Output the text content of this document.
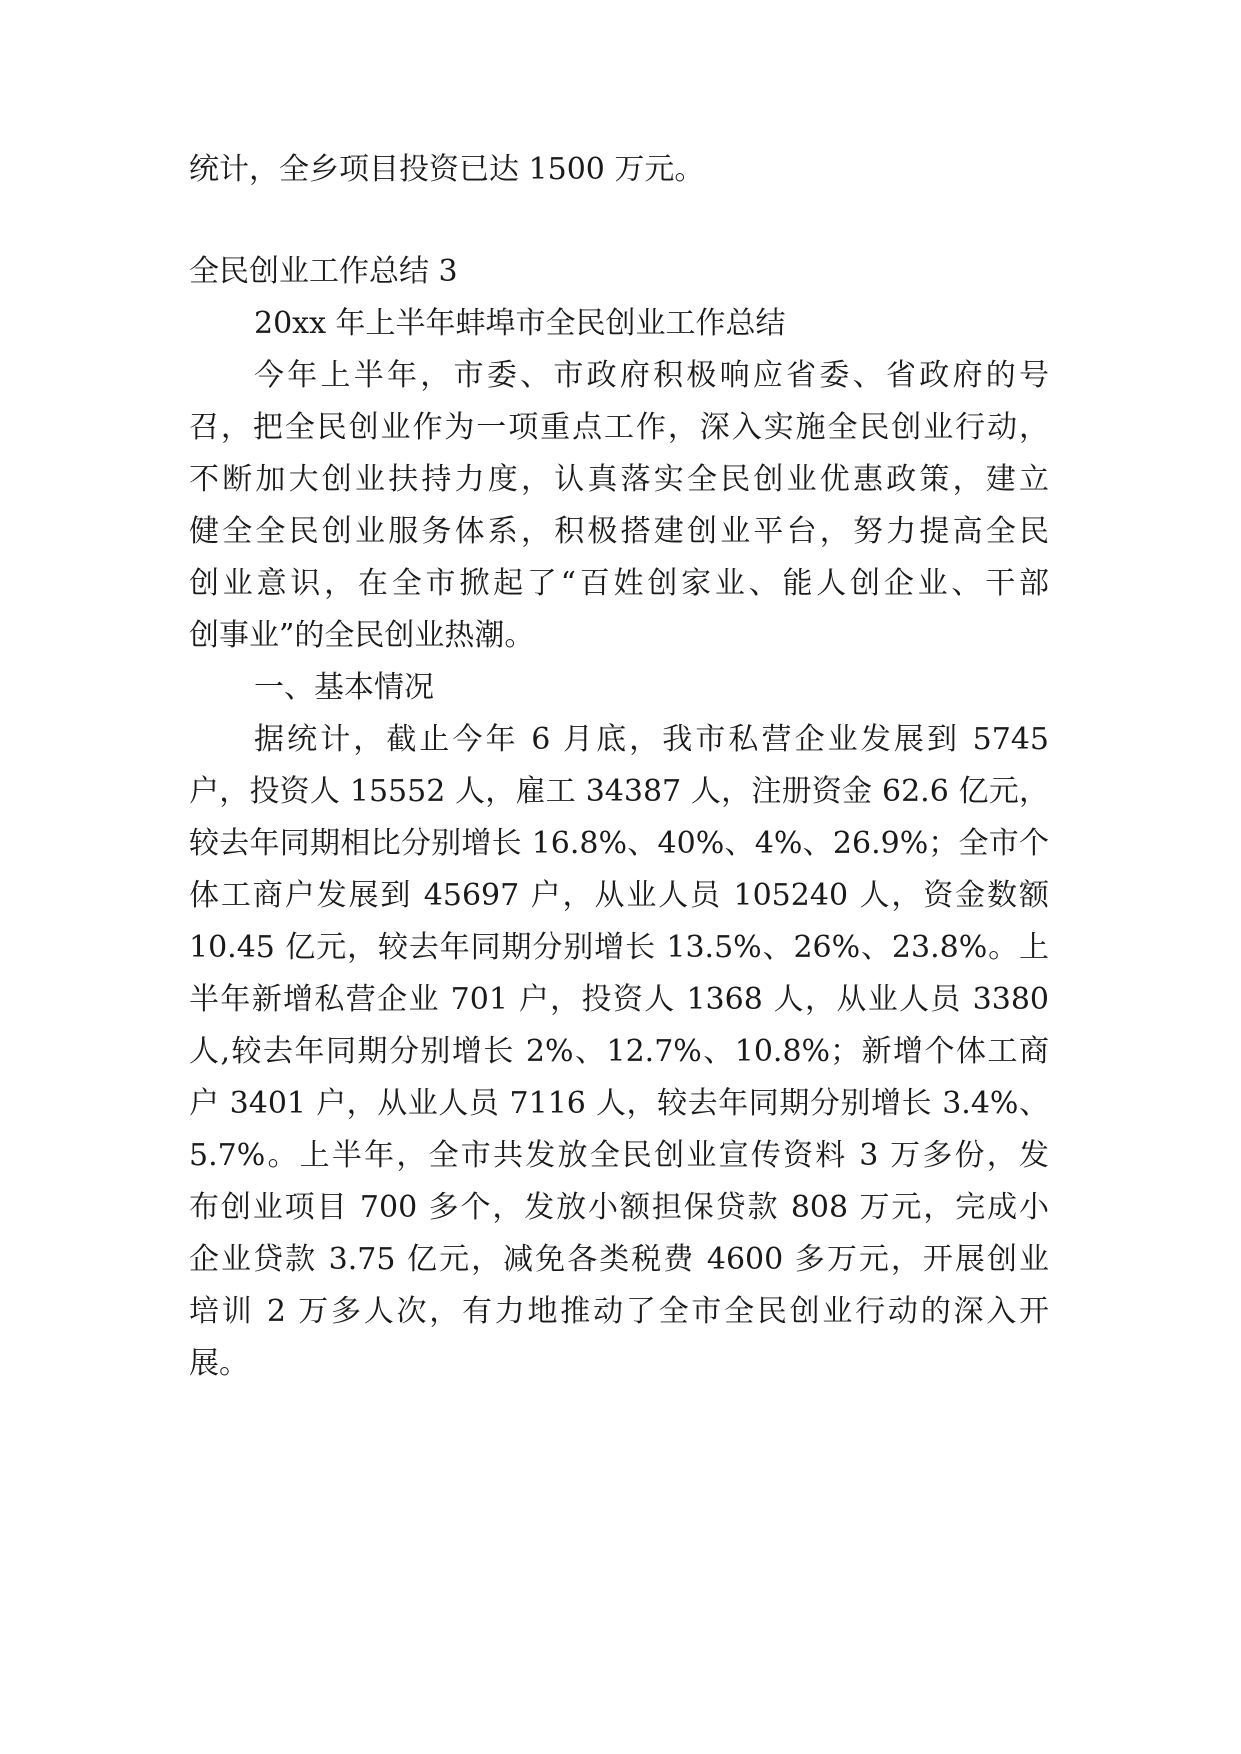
统计，全乡项目投资已达 1500 万元。
全民创业工作总结 3
20xx 年上半年蚌埠市全民创业工作总结
今年上半年，市委、市政府积极响应省委、省政府的号
召，把全民创业作为一项重点工作，深入实施全民创业行动，
不断加大创业扶持力度，认真落实全民创业优惠政策，建立
健全全民创业服务体系，积极搭建创业平台，努力提高全民
创业意识，在全市掀起了“百姓创家业、能人创企业、干部
创事业”的全民创业热潮。
一、基本情况
据统计，截止今年 6 月底，我市私营企业发展到 5745
户，投资人 15552 人，雇工 34387 人，注册资金 62.6 亿元，
较去年同期相比分别增长 16.8%、40%、4%、26.9%；全市个
体工商户发展到 45697 户，从业人员 105240 人，资金数额
10.45 亿元，较去年同期分别增长 13.5%、26%、23.8%。上
半年新增私营企业 701 户，投资人 1368 人，从业人员 3380
人,较去年同期分别增长 2%、12.7%、10.8%；新增个体工商
户 3401 户，从业人员 7116 人，较去年同期分别增长 3.4%、
5.7%。上半年，全市共发放全民创业宣传资料 3 万多份，发
布创业项目 700 多个，发放小额担保贷款 808 万元，完成小
企业贷款 3.75 亿元，减免各类税费 4600 多万元，开展创业
培训 2 万多人次，有力地推动了全市全民创业行动的深入开
展。
